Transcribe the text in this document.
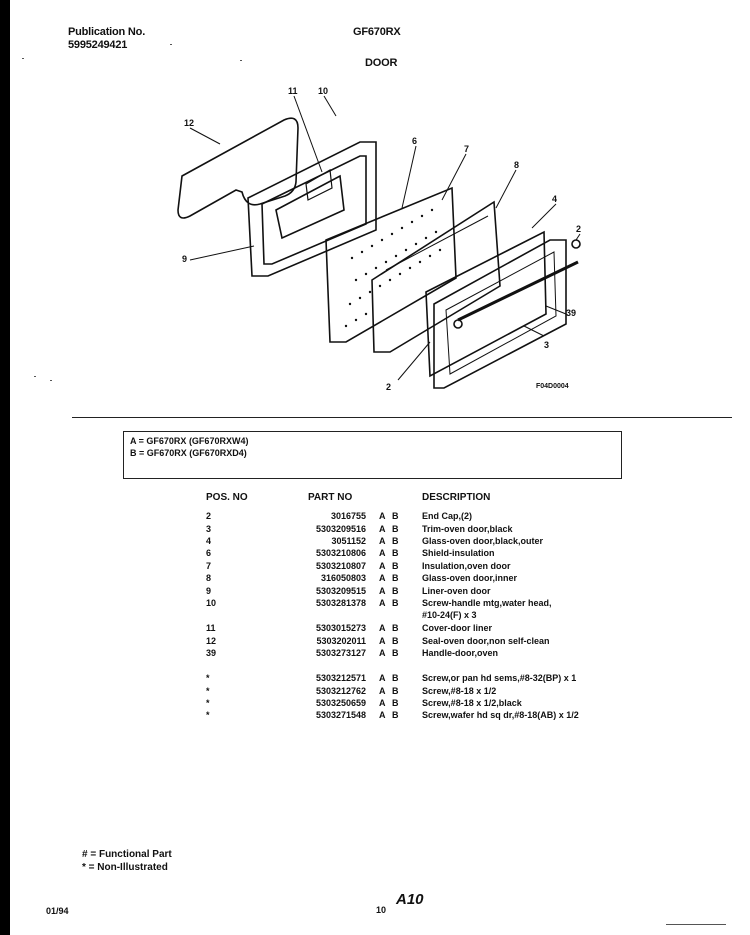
Publication No.
5995249421
GF670RX
DOOR
12
11 10
6
7
8
4
2
9
39
3
2	F04D0004
A = GF670RX (GF670RXW4)
B = GF670RX (GF670RXD4)
POS. NO	PART NO	DESCRIPTION
2	3016755 A B	End Cap,(2)
3	5303209516 A B	Trim-oven door,black
4	3051152 A B	Glass-oven door,black,outer
6	5303210806 A B	Shield-insulation
7	5303210807 A B	Insulation,oven door
8	316050803 A B	Glass-oven door,inner
9	5303209515 A B	Liner-oven door
10	5303281378 A B	Screw-handle mtg,water head,
#10-24(F) x 3
11	5303015273 A B	Cover-door liner
12	5303202011 A B	Seal-oven door,non self-clean
39	5303273127 A B	Handle-door,oven
*	5303212571 A B	Screw,or pan hd sems,#8-32(BP) x 1
*	5303212762 A B	Screw,#8-18 x 1/2
*	5303250659 A B	Screw,#8-18 x 1/2,black
*	5303271548 A B	Screw,wafer hd sq dr,#8-18(AB) x 1/2
# = Functional Part
* = Non-Illustrated
01/94	10
A10
